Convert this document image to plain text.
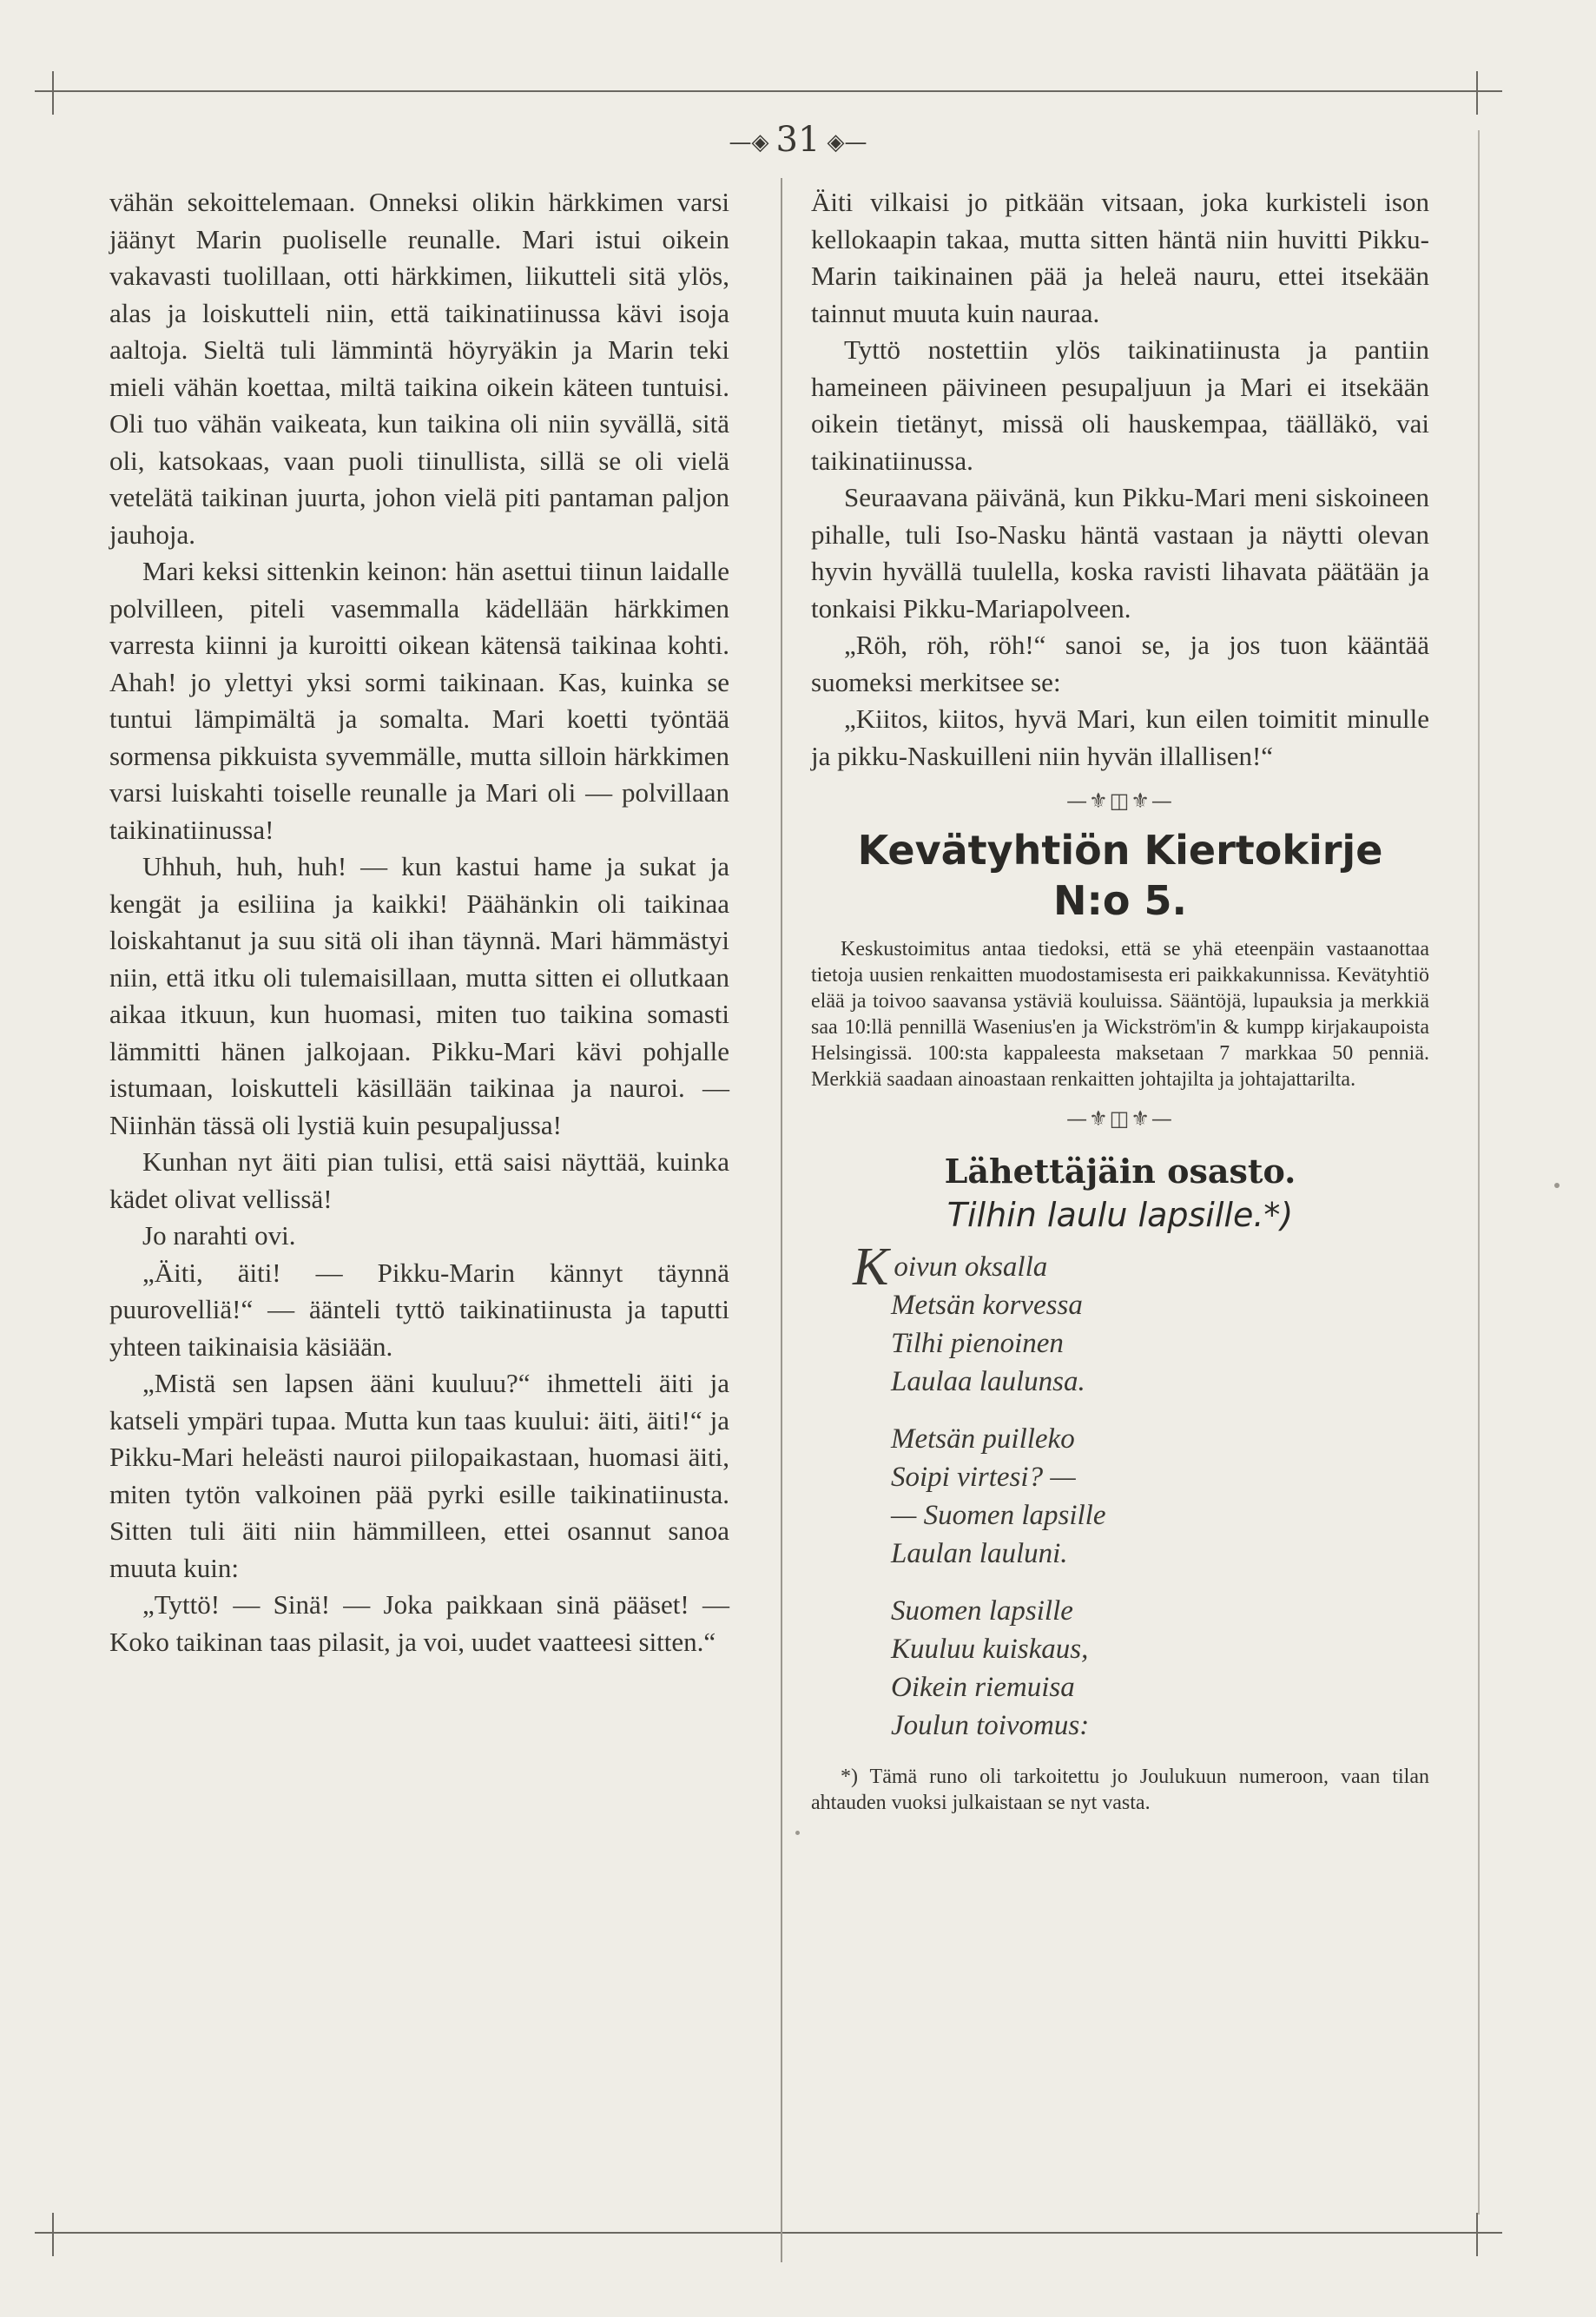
—◈ 31 ◈—

vähän sekoittelemaan. Onneksi olikin härkkimen varsi jäänyt Marin puoliselle reunalle. Mari istui oikein vakavasti tuolillaan, otti härkkimen, liikutteli sitä ylös, alas ja loiskutteli niin, että taikinatiinussa kävi isoja aaltoja. Sieltä tuli lämmintä höyryäkin ja Marin teki mieli vähän koettaa, miltä taikina oikein käteen tuntuisi. Oli tuo vähän vaikeata, kun taikina oli niin syvällä, sitä oli, katsokaas, vaan puoli tiinullista, sillä se oli vielä vetelätä taikinan juurta, johon vielä piti pantaman paljon jauhoja.

Mari keksi sittenkin keinon: hän asettui tiinun laidalle polvilleen, piteli vasemmalla kädellään härkkimen varresta kiinni ja kuroitti oikean kätensä taikinaa kohti. Ahah! jo ylettyi yksi sormi taikinaan. Kas, kuinka se tuntui lämpimältä ja somalta. Mari koetti työntää sormensa pikkuista syvemmälle, mutta silloin härkkimen varsi luiskahti toiselle reunalle ja Mari oli — polvillaan taikinatiinussa!

Uhhuh, huh, huh! — kun kastui hame ja sukat ja kengät ja esiliina ja kaikki! Päähänkin oli taikinaa loiskahtanut ja suu sitä oli ihan täynnä. Mari hämmästyi niin, että itku oli tulemaisillaan, mutta sitten ei ollutkaan aikaa itkuun, kun huomasi, miten tuo taikina somasti lämmitti hänen jalkojaan. Pikku-Mari kävi pohjalle istumaan, loiskutteli käsillään taikinaa ja nauroi. — Niinhän tässä oli lystiä kuin pesupaljussa!

Kunhan nyt äiti pian tulisi, että saisi näyttää, kuinka kädet olivat vellissä!

Jo narahti ovi.

„Äiti, äiti! — Pikku-Marin kännyt täynnä puurovelliä!“ — äänteli tyttö taikinatiinusta ja taputti yhteen taikinaisia käsiään.

„Mistä sen lapsen ääni kuuluu?“ ihmetteli äiti ja katseli ympäri tupaa. Mutta kun taas kuului: äiti, äiti!“ ja Pikku-Mari heleästi nauroi piilopaikastaan, huomasi äiti, miten tytön valkoinen pää pyrki esille taikinatiinusta. Sitten tuli äiti niin hämmilleen, ettei osannut sanoa muuta kuin:

„Tyttö! — Sinä! — Joka paikkaan sinä pääset! — Koko taikinan taas pilasit, ja voi, uudet vaatteesi sitten.“

Äiti vilkaisi jo pitkään vitsaan, joka kurkisteli ison kellokaapin takaa, mutta sitten häntä niin huvitti Pikku-Marin taikinainen pää ja heleä nauru, ettei itsekään tainnut muuta kuin nauraa.

Tyttö nostettiin ylös taikinatiinusta ja pantiin hameineen päivineen pesupaljuun ja Mari ei itsekään oikein tietänyt, missä oli hauskempaa, täälläkö, vai taikinatiinussa.

Seuraavana päivänä, kun Pikku-Mari meni siskoineen pihalle, tuli Iso-Nasku häntä vastaan ja näytti olevan hyvin hyvällä tuulella, koska ravisti lihavata päätään ja tonkaisi Pikku-Mariapolveen.

„Röh, röh, röh!“ sanoi se, ja jos tuon kääntää suomeksi merkitsee se:

„Kiitos, kiitos, hyvä Mari, kun eilen toimitit minulle ja pikku-Naskuilleni niin hyvän illallisen!“

—⚜◫⚜—
Kevätyhtiön Kiertokirje
N:o 5.

Keskustoimitus antaa tiedoksi, että se yhä eteenpäin vastaanottaa tietoja uusien renkaitten muodostamisesta eri paikkakunnissa. Kevätyhtiö elää ja toivoo saavansa ystäviä kouluissa. Sääntöjä, lupauksia ja merkkiä saa 10:llä pennillä Wasenius'en ja Wickström'in & kumpp kirjakaupoista Helsingissä. 100:sta kappaleesta maksetaan 7 markkaa 50 penniä. Merkkiä saadaan ainoastaan renkaitten johtajilta ja johtajattarilta.

—⚜◫⚜—
Lähettäjäin osasto.
Tilhin laulu lapsille.*)
Koivun oksalla
Metsän korvessa
Tilhi pienoinen
Laulaa laulunsa.
Metsän puilleko
Soipi virtesi? —
— Suomen lapsille
Laulan lauluni.
Suomen lapsille
Kuuluu kuiskaus,
Oikein riemuisa
Joulun toivomus:

*) Tämä runo oli tarkoitettu jo Joulukuun numeroon, vaan tilan ahtauden vuoksi julkaistaan se nyt vasta.
